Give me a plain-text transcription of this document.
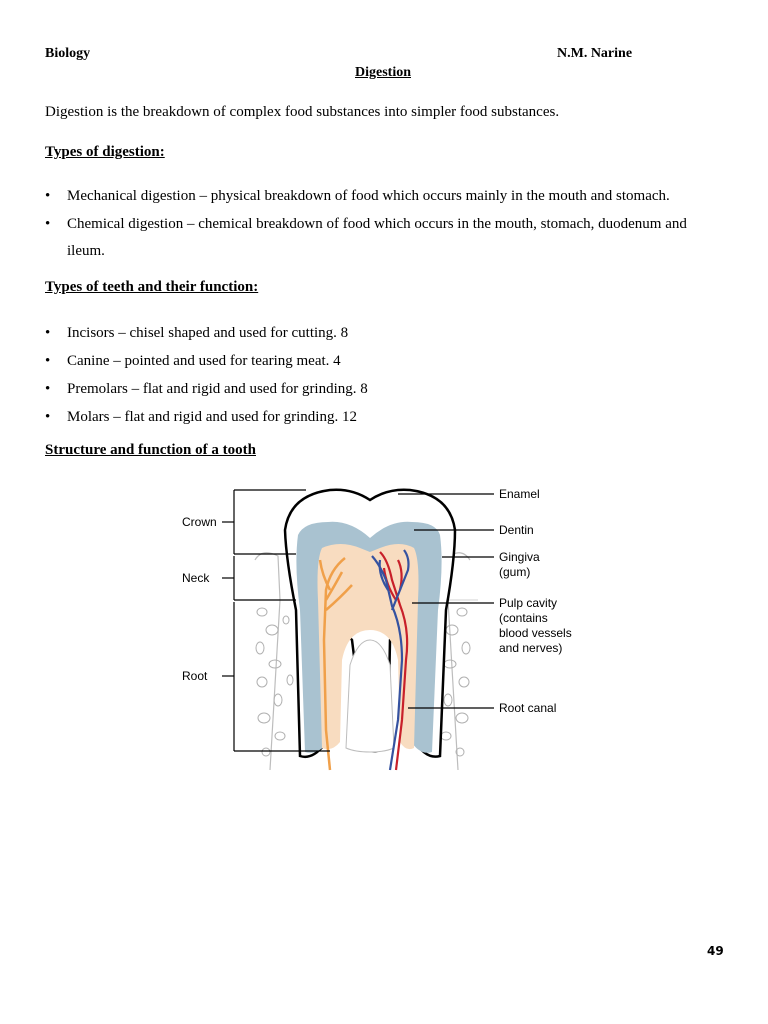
Biology	N.M. Narine
Digestion
Digestion is the breakdown of complex food substances into simpler food substances.
Types of digestion:
• Mechanical digestion – physical breakdown of food which occurs mainly in the mouth and stomach.
• Chemical digestion – chemical breakdown of food which occurs in the mouth, stomach, duodenum and ileum.
Types of teeth and their function:
• Incisors – chisel shaped and used for cutting. 8
• Canine – pointed and used for tearing meat. 4
• Premolars – flat and rigid and used for grinding. 8
• Molars – flat and rigid and used for grinding. 12
Structure and function of a tooth
Crown
Neck
Root
Enamel
Dentin
Gingiva
(gum)
Pulp cavity
(contains
blood vessels
and nerves)
Root canal
49
